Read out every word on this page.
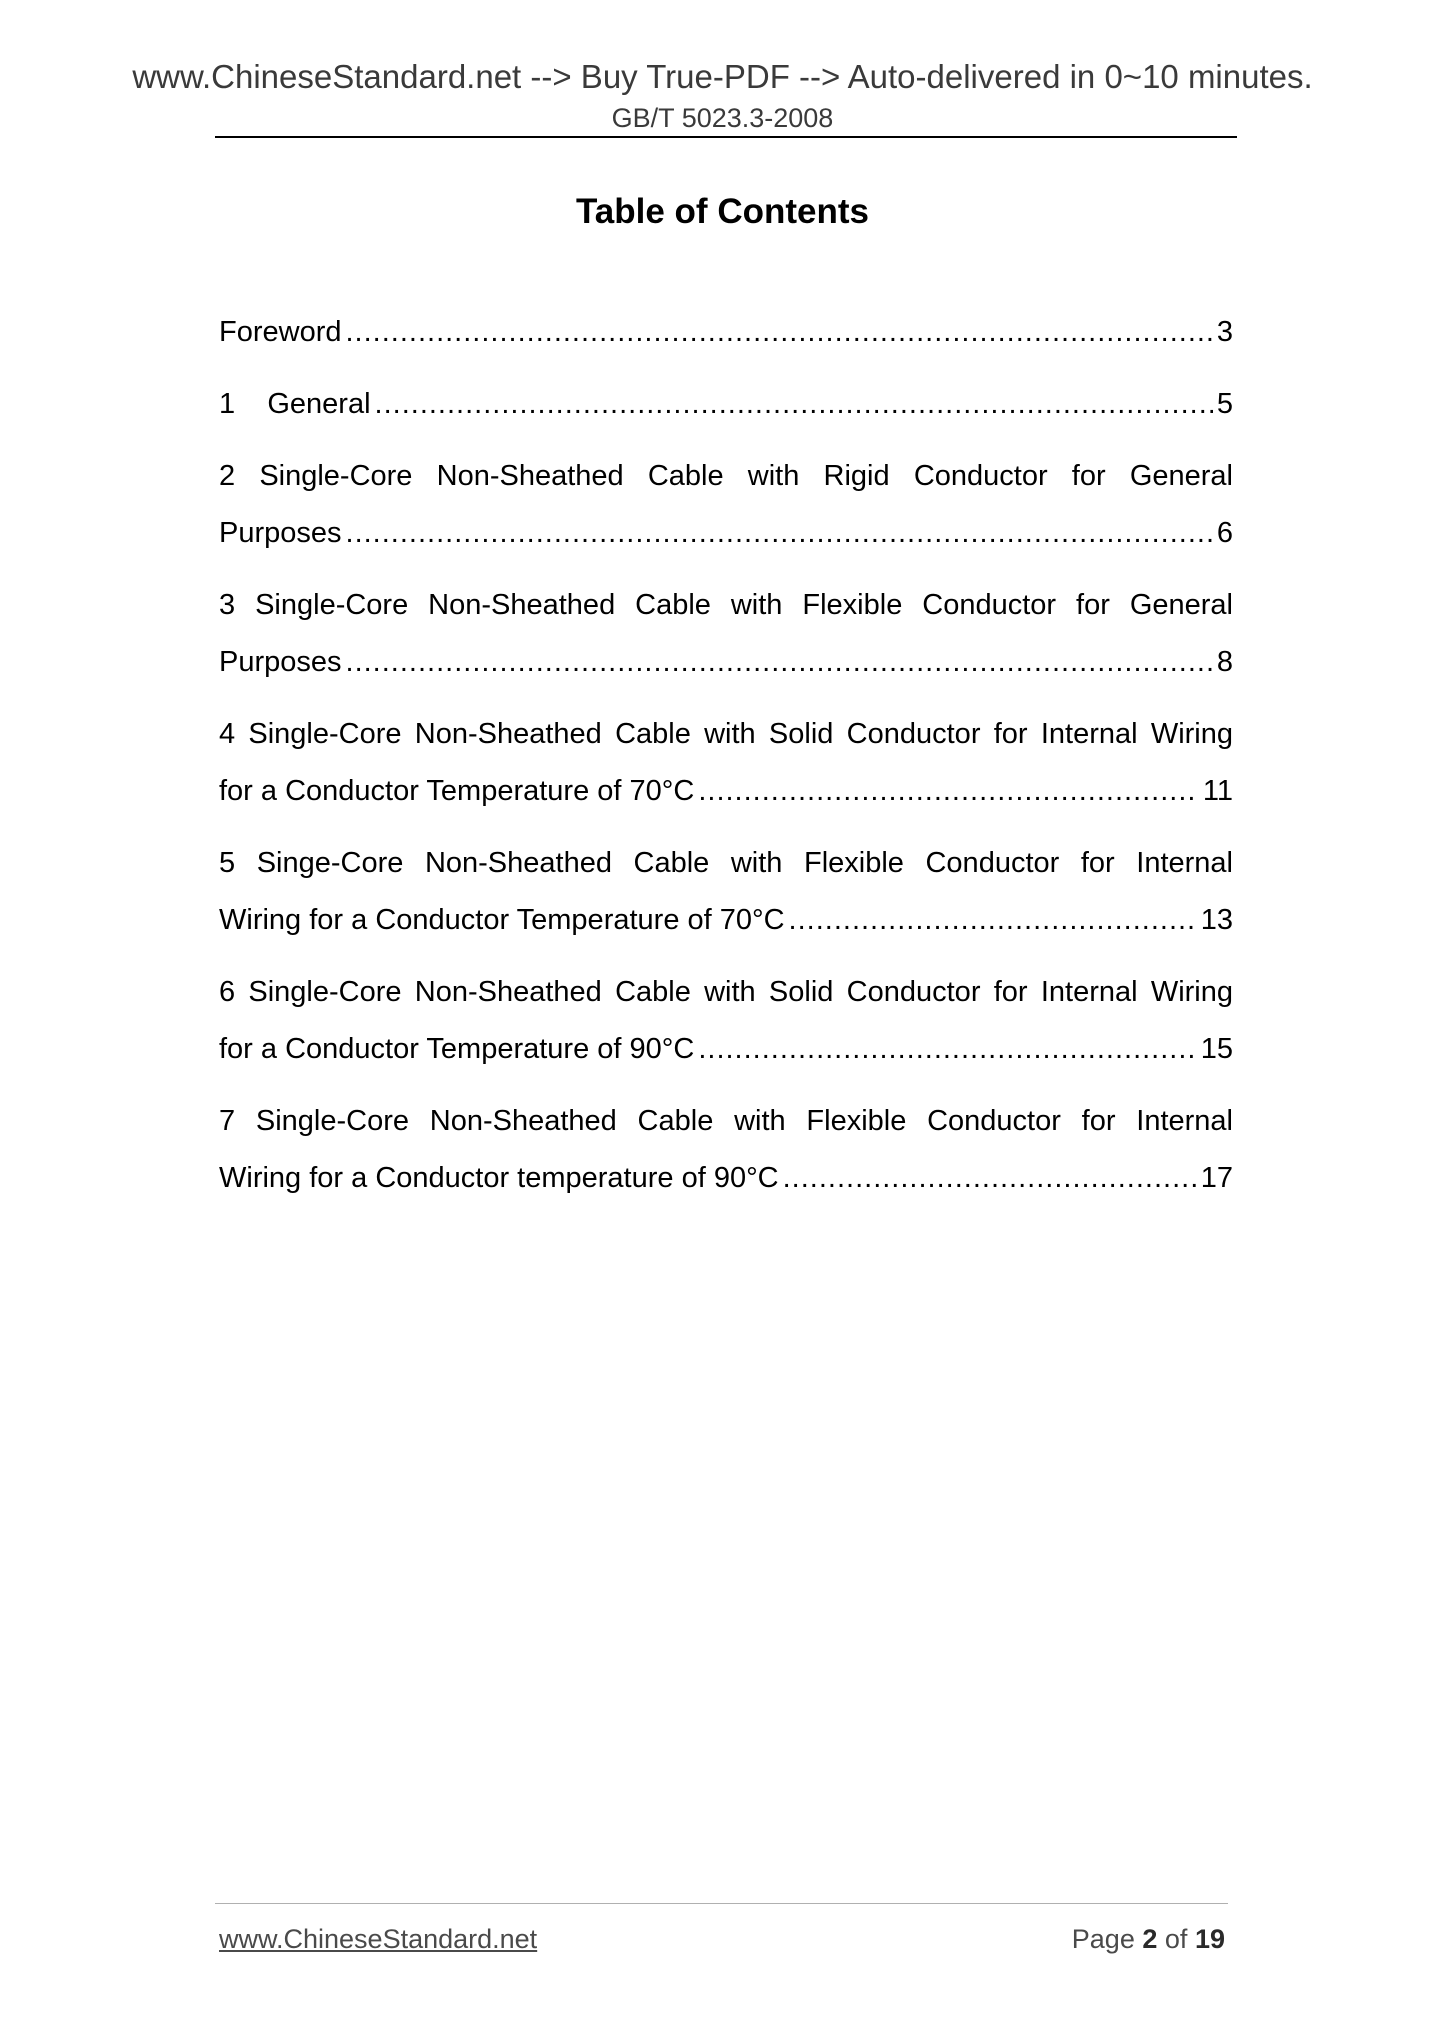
www.ChineseStandard.net --> Buy True-PDF --> Auto-delivered in 0~10 minutes.
GB/T 5023.3-2008
Table of Contents
Foreword .....	3
1    General .....	5
2 Single-Core Non-Sheathed Cable with Rigid Conductor for General
Purposes .....	6
3 Single-Core Non-Sheathed Cable with Flexible Conductor for General
Purposes .....	8
4 Single-Core Non-Sheathed Cable with Solid Conductor for Internal Wiring
for a Conductor Temperature of 70°C .....	11
5 Singe-Core Non-Sheathed Cable with Flexible Conductor for Internal
Wiring for a Conductor Temperature of 70°C .....	13
6 Single-Core Non-Sheathed Cable with Solid Conductor for Internal Wiring
for a Conductor Temperature of 90°C .....	15
7 Single-Core Non-Sheathed Cable with Flexible Conductor for Internal
Wiring for a Conductor temperature of 90°C .....	17
www.ChineseStandard.net	Page 2 of 19
